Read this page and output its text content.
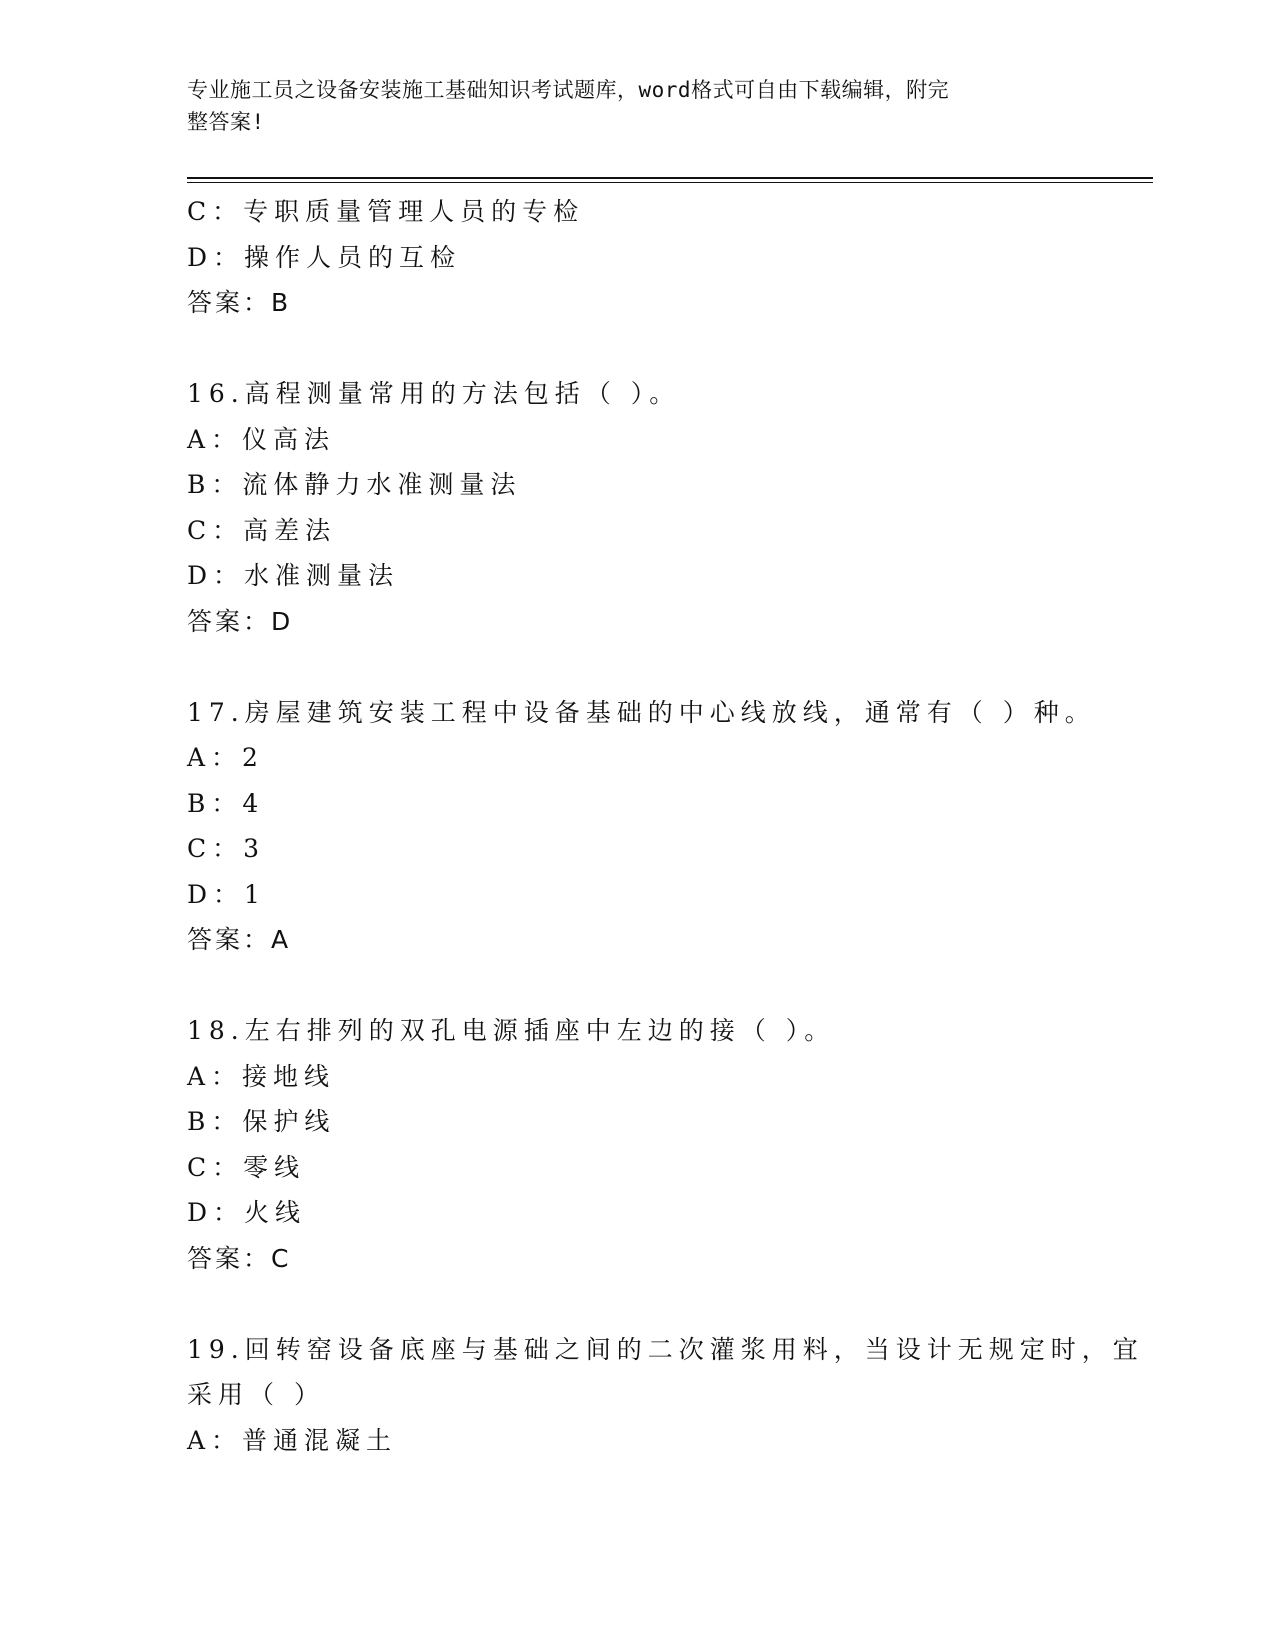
专业施工员之设备安装施工基础知识考试题库，word格式可自由下载编辑，附完
整答案!
C：专职质量管理人员的专检
D：操作人员的互检
答案：B
16.高程测量常用的方法包括（ ）。
A：仪高法
B：流体静力水准测量法
C：高差法
D：水准测量法
答案：D
17.房屋建筑安装工程中设备基础的中心线放线，通常有（ ）种。
A：2
B：4
C：3
D：1
答案：A
18.左右排列的双孔电源插座中左边的接（ ）。
A：接地线
B：保护线
C：零线
D：火线
答案：C
19.回转窑设备底座与基础之间的二次灌浆用料，当设计无规定时，宜
采用（ ）
A：普通混凝土
